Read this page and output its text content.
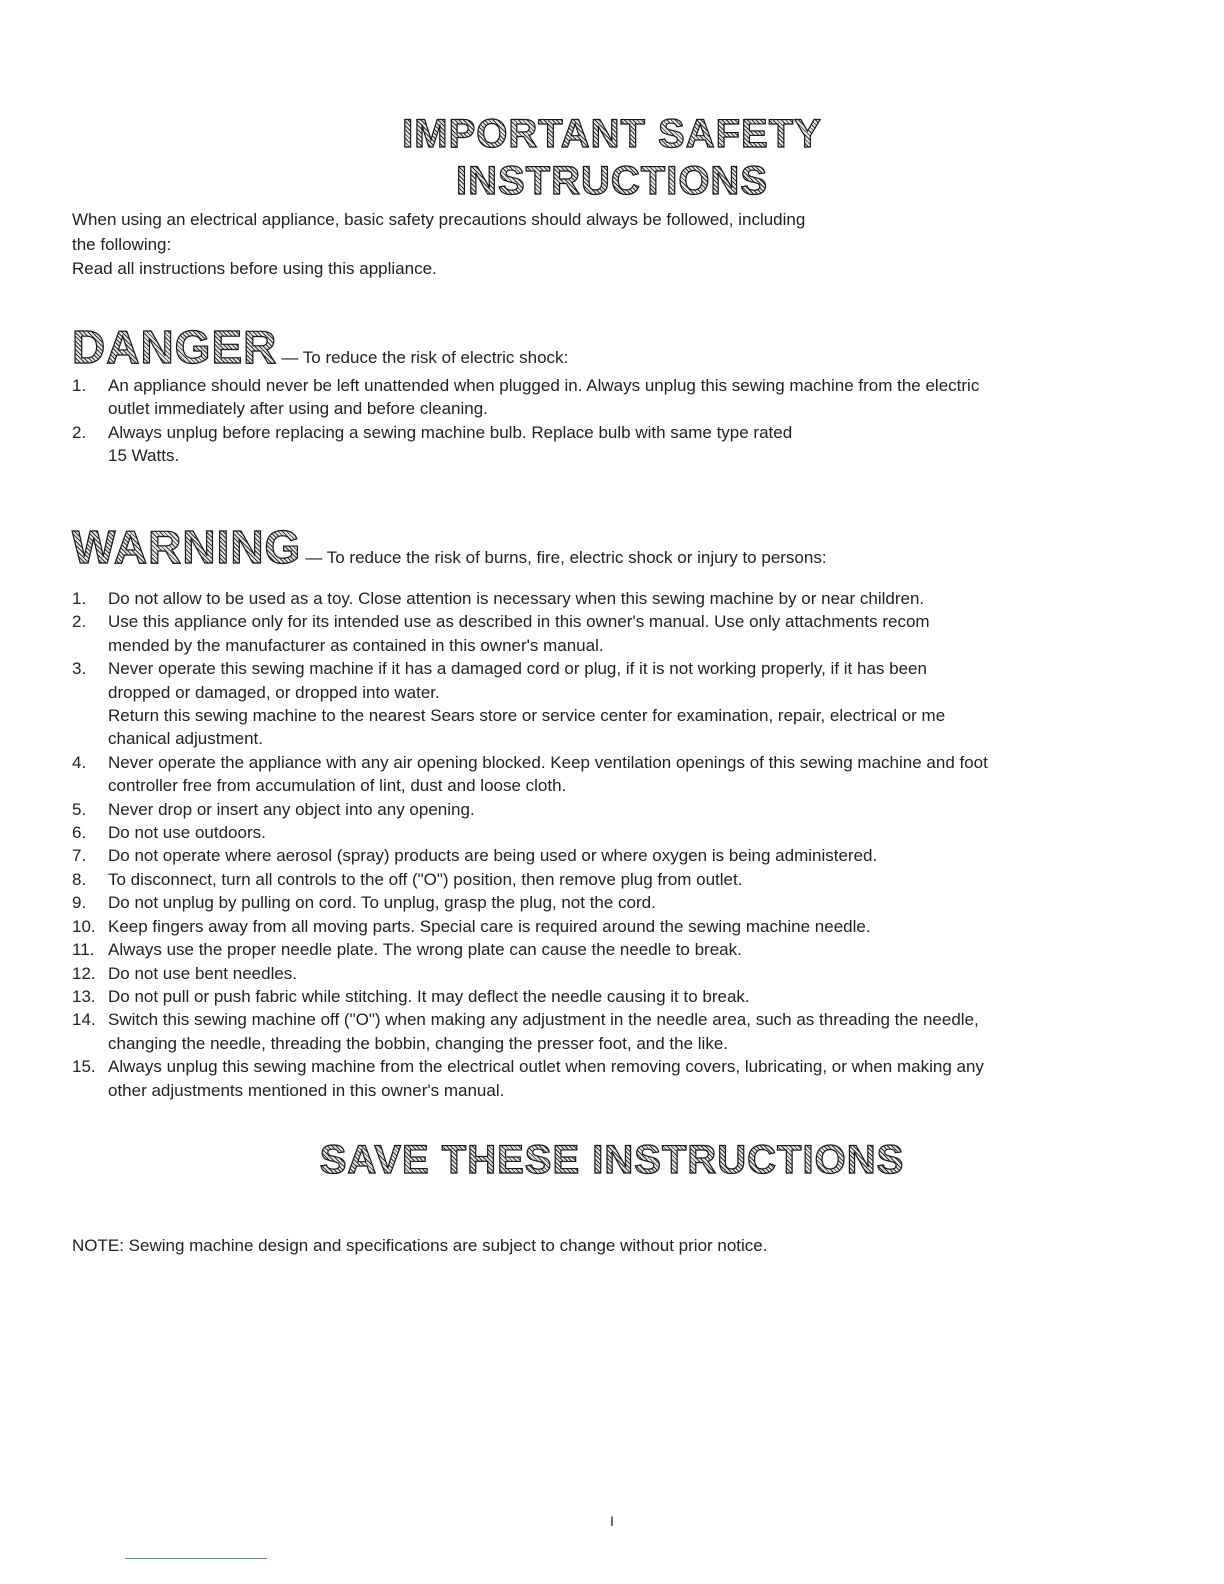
IMPORTANT SAFETY
INSTRUCTIONS
When using an electrical appliance, basic safety precautions should always be followed, including
the following:
Read all instructions before using this appliance.
DANGER — To reduce the risk of electric shock:
1. An appliance should never be left unattended when plugged in. Always unplug this sewing machine from the electric
outlet immediately after using and before cleaning.
2. Always unplug before replacing a sewing machine bulb. Replace bulb with same type rated
15 Watts.
WARNING — To reduce the risk of burns, fire, electric shock or injury to persons:
1. Do not allow to be used as a toy. Close attention is necessary when this sewing machine by or near children.
2. Use this appliance only for its intended use as described in this owner's manual. Use only attachments recom
mended by the manufacturer as contained in this owner's manual.
3. Never operate this sewing machine if it has a damaged cord or plug, if it is not working properly, if it has been
dropped or damaged, or dropped into water.
Return this sewing machine to the nearest Sears store or service center for examination, repair, electrical or me
chanical adjustment.
4. Never operate the appliance with any air opening blocked. Keep ventilation openings of this sewing machine and foot
controller free from accumulation of lint, dust and loose cloth.
5. Never drop or insert any object into any opening.
6. Do not use outdoors.
7. Do not operate where aerosol (spray) products are being used or where oxygen is being administered.
8. To disconnect, turn all controls to the off ("O") position, then remove plug from outlet.
9. Do not unplug by pulling on cord. To unplug, grasp the plug, not the cord.
10. Keep fingers away from all moving parts. Special care is required around the sewing machine needle.
11. Always use the proper needle plate. The wrong plate can cause the needle to break.
12. Do not use bent needles.
13. Do not pull or push fabric while stitching. It may deflect the needle causing it to break.
14. Switch this sewing machine off ("O") when making any adjustment in the needle area, such as threading the needle,
changing the needle, threading the bobbin, changing the presser foot, and the like.
15. Always unplug this sewing machine from the electrical outlet when removing covers, lubricating, or when making any
other adjustments mentioned in this owner's manual.
SAVE THESE INSTRUCTIONS

NOTE: Sewing machine design and specifications are subject to change without prior notice.

I
